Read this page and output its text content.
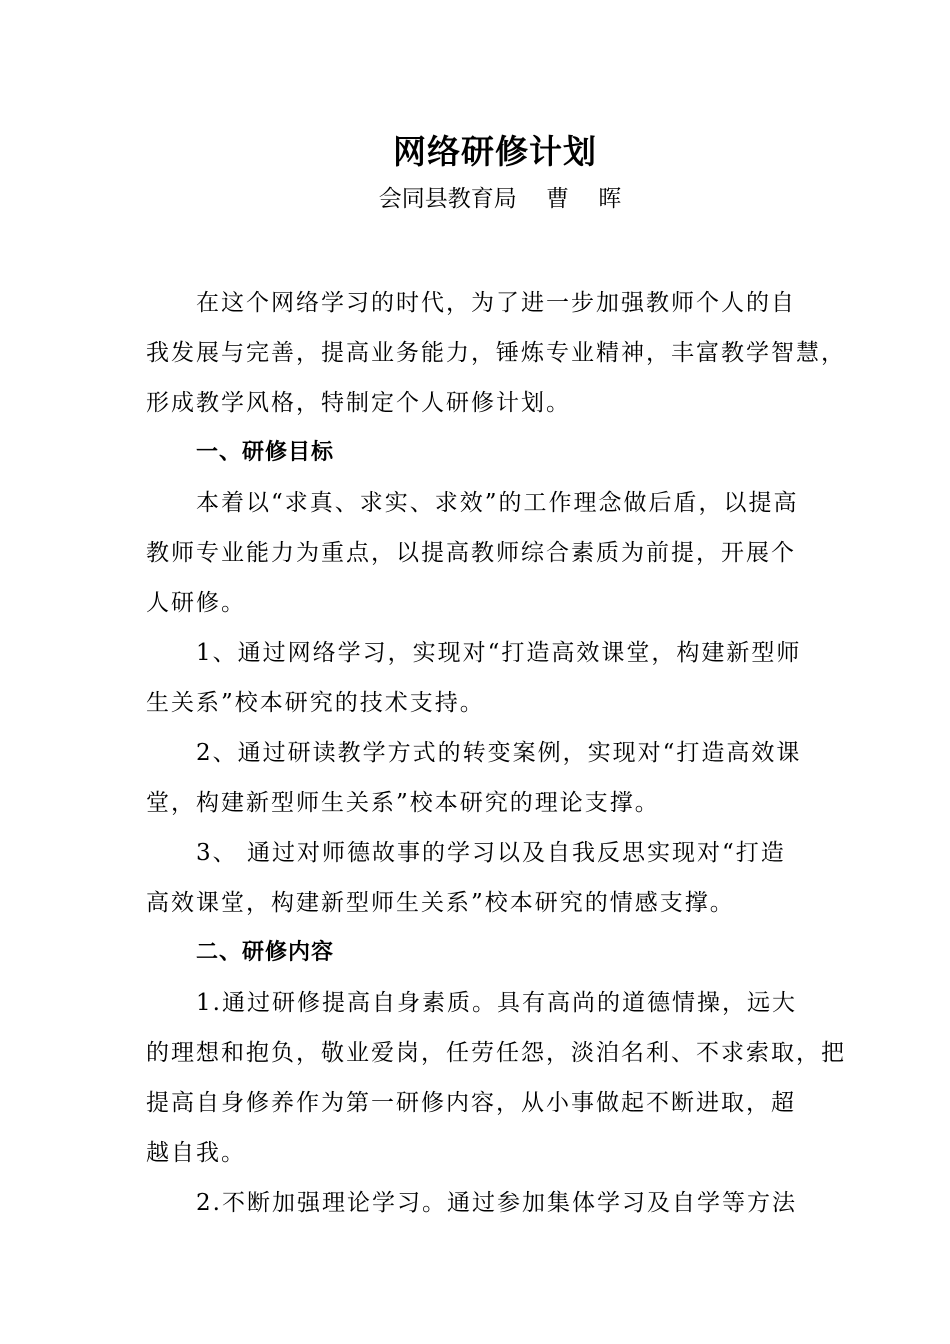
网络研修计划
会同县教育局    曹    晖
在这个网络学习的时代，为了进一步加强教师个人的自
我发展与完善，提高业务能力，锤炼专业精神，丰富教学智慧，
形成教学风格，特制定个人研修计划。
一、研修目标
本着以“求真、求实、求效”的工作理念做后盾，以提高
教师专业能力为重点，以提高教师综合素质为前提，开展个
人研修。
1、通过网络学习，实现对“打造高效课堂，构建新型师
生关系”校本研究的技术支持。
2、通过研读教学方式的转变案例，实现对“打造高效课
堂，构建新型师生关系”校本研究的理论支撑。
3、 通过对师德故事的学习以及自我反思实现对“打造
高效课堂，构建新型师生关系”校本研究的情感支撑。
二、研修内容
1.通过研修提高自身素质。具有高尚的道德情操，远大
的理想和抱负，敬业爱岗，任劳任怨，淡泊名利、不求索取，把
提高自身修养作为第一研修内容，从小事做起不断进取，超
越自我。
2.不断加强理论学习。通过参加集体学习及自学等方法
